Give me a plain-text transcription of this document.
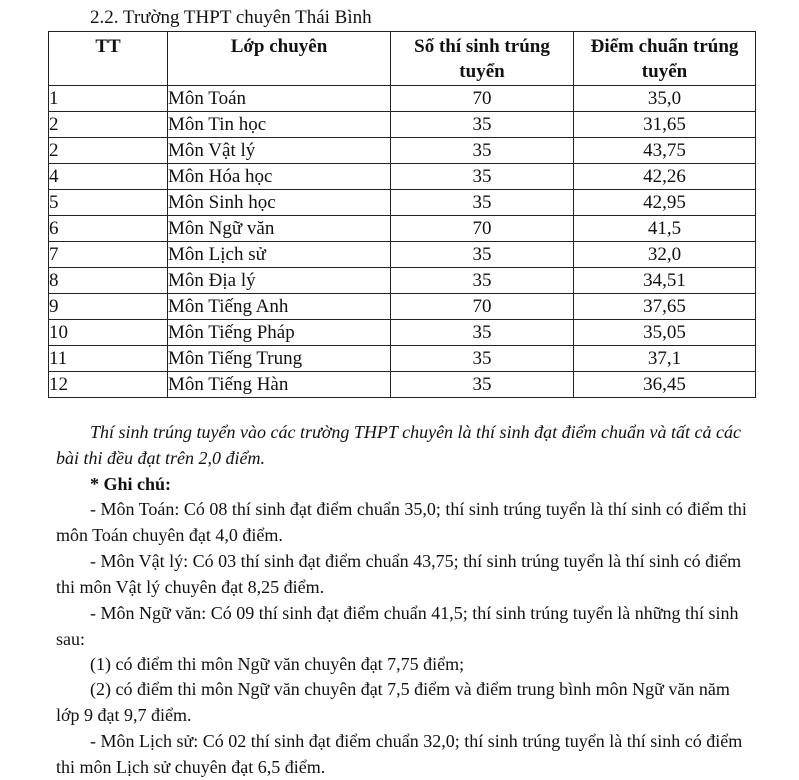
2.2. Trường THPT chuyên Thái Bình
TT	Lớp chuyên	Số thí sinh trúng tuyển	Điểm chuẩn trúng tuyển
1	Môn Toán	70	35,0
2	Môn Tin học	35	31,65
2	Môn Vật lý	35	43,75
4	Môn Hóa học	35	42,26
5	Môn Sinh học	35	42,95
6	Môn Ngữ văn	70	41,5
7	Môn Lịch sử	35	32,0
8	Môn Địa lý	35	34,51
9	Môn Tiếng Anh	70	37,65
10	Môn Tiếng Pháp	35	35,05
11	Môn Tiếng Trung	35	37,1
12	Môn Tiếng Hàn	35	36,45

Thí sinh trúng tuyển vào các trường THPT chuyên là thí sinh đạt điểm chuẩn và tất cả các bài thi đều đạt trên 2,0 điểm.

* Ghi chú:

- Môn Toán: Có 08 thí sinh đạt điểm chuẩn 35,0; thí sinh trúng tuyển là thí sinh có điểm thi môn Toán chuyên đạt 4,0 điểm.

- Môn Vật lý: Có 03 thí sinh đạt điểm chuẩn 43,75; thí sinh trúng tuyển là thí sinh có điểm thi môn Vật lý chuyên đạt 8,25 điểm.

- Môn Ngữ văn: Có 09 thí sinh đạt điểm chuẩn 41,5; thí sinh trúng tuyển là những thí sinh sau:

(1) có điểm thi môn Ngữ văn chuyên đạt 7,75 điểm;

(2) có điểm thi môn Ngữ văn chuyên đạt 7,5 điểm và điểm trung bình môn Ngữ văn năm lớp 9 đạt 9,7 điểm.

- Môn Lịch sử: Có 02 thí sinh đạt điểm chuẩn 32,0; thí sinh trúng tuyển là thí sinh có điểm thi môn Lịch sử chuyên đạt 6,5 điểm.
